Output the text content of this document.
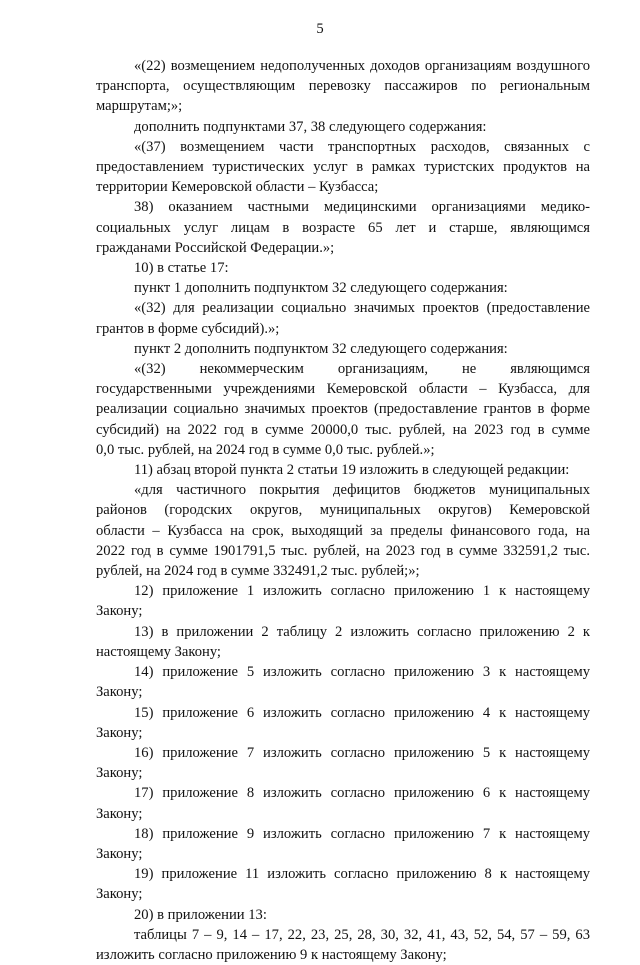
5
«(22) возмещением недополученных доходов организациям воздушного
транспорта, осуществляющим перевозку пассажиров по региональным
маршрутам;»;
дополнить подпунктами 37, 38 следующего содержания:
«(37) возмещением части транспортных расходов, связанных с
предоставлением туристических услуг в рамках туристских продуктов на
территории Кемеровской области – Кузбасса;
38) оказанием частными медицинскими организациями медико-
социальных услуг лицам в возрасте 65 лет и старше, являющимся
гражданами Российской Федерации.»;
10) в статье 17:
пункт 1 дополнить подпунктом 32 следующего содержания:
«(32) для реализации социально значимых проектов (предоставление
грантов в форме субсидий).»;
пункт 2 дополнить подпунктом 32 следующего содержания:
«(32) некоммерческим организациям, не являющимся
государственными учреждениями Кемеровской области – Кузбасса, для
реализации социально значимых проектов (предоставление грантов в форме
субсидий) на 2022 год в сумме 20000,0 тыс. рублей, на 2023 год в сумме
0,0 тыс. рублей, на 2024 год в сумме 0,0 тыс. рублей.»;
11) абзац второй пункта 2 статьи 19 изложить в следующей редакции:
«для частичного покрытия дефицитов бюджетов муниципальных
районов (городских округов, муниципальных округов) Кемеровской
области – Кузбасса на срок, выходящий за пределы финансового года, на
2022 год в сумме 1901791,5 тыс. рублей, на 2023 год в сумме 332591,2 тыс.
рублей, на 2024 год в сумме 332491,2 тыс. рублей;»;
12) приложение 1 изложить согласно приложению 1 к настоящему
Закону;
13) в приложении 2 таблицу 2 изложить согласно приложению 2 к
настоящему Закону;
14) приложение 5 изложить согласно приложению 3 к настоящему
Закону;
15) приложение 6 изложить согласно приложению 4 к настоящему
Закону;
16) приложение 7 изложить согласно приложению 5 к настоящему
Закону;
17) приложение 8 изложить согласно приложению 6 к настоящему
Закону;
18) приложение 9 изложить согласно приложению 7 к настоящему
Закону;
19) приложение 11 изложить согласно приложению 8 к настоящему
Закону;
20) в приложении 13:
таблицы 7 – 9, 14 – 17, 22, 23, 25, 28, 30, 32, 41, 43, 52, 54, 57 – 59, 63
изложить согласно приложению 9 к настоящему Закону;
